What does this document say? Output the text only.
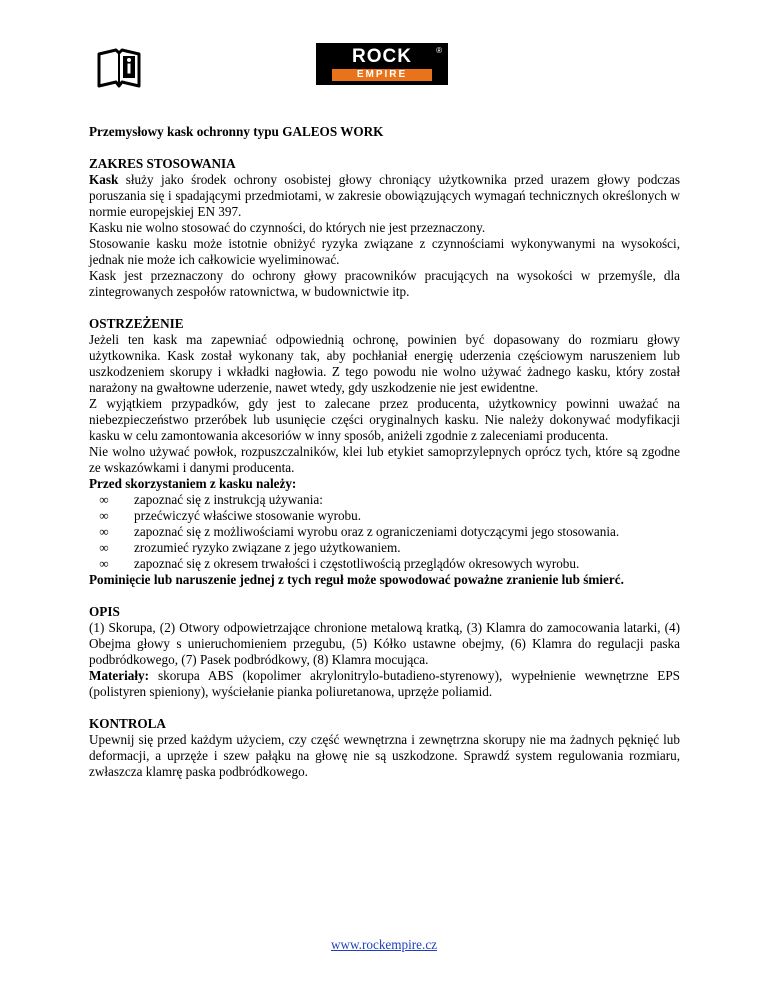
ROCK	®
EMPIRE

Przemysłowy kask ochronny typu GALEOS WORK

ZAKRES STOSOWANIA

Kask służy jako środek ochrony osobistej głowy chroniący użytkownika przed urazem głowy podczas poruszania się i spadającymi przedmiotami, w zakresie obowiązujących wymagań technicznych określonych w normie europejskiej EN 397.

Kasku nie wolno stosować do czynności, do których nie jest przeznaczony.

Stosowanie kasku może istotnie obniżyć ryzyka związane z czynnościami wykonywanymi na wysokości, jednak nie może ich całkowicie wyeliminować.

Kask jest przeznaczony do ochrony głowy pracowników pracujących na wysokości w przemyśle, dla zintegrowanych zespołów ratownictwa, w budownictwie itp.

OSTRZEŻENIE

Jeżeli ten kask ma zapewniać odpowiednią ochronę, powinien być dopasowany do rozmiaru głowy użytkownika. Kask został wykonany tak, aby pochłaniał energię uderzenia częściowym naruszeniem lub uszkodzeniem skorupy i wkładki nagłowia. Z tego powodu nie wolno używać żadnego kasku, który został narażony na gwałtowne uderzenie, nawet wtedy, gdy uszkodzenie nie jest ewidentne.

Z wyjątkiem przypadków, gdy jest to zalecane przez producenta, użytkownicy powinni uważać na niebezpieczeństwo przeróbek lub usunięcie części oryginalnych kasku. Nie należy dokonywać modyfikacji kasku w celu zamontowania akcesoriów w inny sposób, aniżeli zgodnie z zaleceniami producenta.

Nie wolno używać powłok, rozpuszczalników, klei lub etykiet samoprzylepnych oprócz tych, które są zgodne ze wskazówkami i danymi producenta.

Przed skorzystaniem z kasku należy:

∞	zapoznać się z instrukcją używania:
∞	przećwiczyć właściwe stosowanie wyrobu.
∞	zapoznać się z możliwościami wyrobu oraz z ograniczeniami dotyczącymi jego stosowania.
∞	zrozumieć ryzyko związane z jego użytkowaniem.
∞	zapoznać się z okresem trwałości i częstotliwością przeglądów okresowych wyrobu.

Pominięcie lub naruszenie jednej z tych reguł może spowodować poważne zranienie lub śmierć.

OPIS

(1) Skorupa, (2) Otwory odpowietrzające chronione metalową kratką, (3) Klamra do zamocowania latarki, (4) Obejma głowy s unieruchomieniem przegubu, (5) Kółko ustawne obejmy, (6) Klamra do regulacji paska podbródkowego, (7) Pasek podbródkowy, (8) Klamra mocująca.

Materiały: skorupa ABS (kopolimer akrylonitrylo-butadieno-styrenowy), wypełnienie wewnętrzne EPS (polistyren spieniony), wyściełanie pianka poliuretanowa, uprzęże poliamid.

KONTROLA

Upewnij się przed każdym użyciem, czy część wewnętrzna i zewnętrzna skorupy nie ma żadnych pęknięć lub deformacji, a uprzęże i szew pałąku na głowę nie są uszkodzone. Sprawdź system regulowania rozmiaru, zwłaszcza klamrę paska podbródkowego.

www.rockempire.cz
